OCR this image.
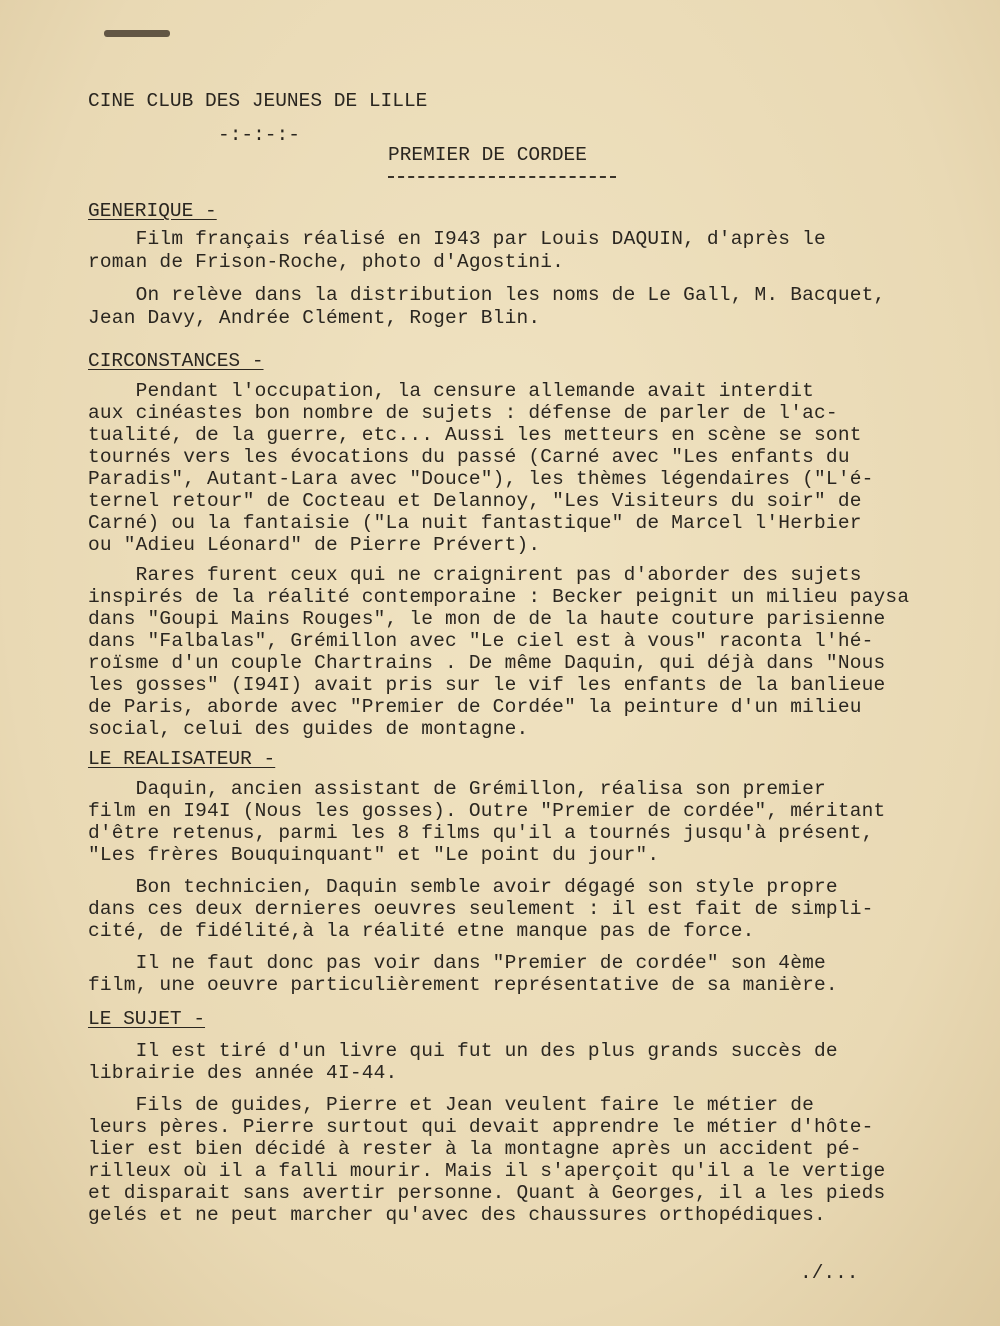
CINE CLUB DES JEUNES DE LILLE
-:-:-:-
PREMIER DE CORDEE
GENERIQUE -
Film français réalisé en I943 par Louis DAQUIN, d'après le
roman de Frison-Roche, photo d'Agostini.
On relève dans la distribution les noms de Le Gall, M. Bacquet,
Jean Davy, Andrée Clément, Roger Blin.
CIRCONSTANCES -
Pendant l'occupation, la censure allemande avait interdit
aux cinéastes bon nombre de sujets : défense de parler de l'ac-
tualité, de la guerre, etc... Aussi les metteurs en scène se sont
tournés vers les évocations du passé (Carné avec "Les enfants du
Paradis", Autant-Lara avec "Douce"), les thèmes légendaires ("L'é-
ternel retour" de Cocteau et Delannoy, "Les Visiteurs du soir" de
Carné) ou la fantaisie ("La nuit fantastique" de Marcel l'Herbier
ou "Adieu Léonard" de Pierre Prévert).
Rares furent ceux qui ne craignirent pas d'aborder des sujets
inspirés de la réalité contemporaine : Becker peignit un milieu paysa
dans "Goupi Mains Rouges", le mon de de la haute couture parisienne
dans "Falbalas", Grémillon avec "Le ciel est à vous" raconta l'hé-
roïsme d'un couple Chartrains . De même Daquin, qui déjà dans "Nous
les gosses" (I94I) avait pris sur le vif les enfants de la banlieue
de Paris, aborde avec "Premier de Cordée" la peinture d'un milieu
social, celui des guides de montagne.
LE REALISATEUR -
Daquin, ancien assistant de Grémillon, réalisa son premier
film en I94I (Nous les gosses). Outre "Premier de cordée", méritant
d'être retenus, parmi les 8 films qu'il a tournés jusqu'à présent,
"Les frères Bouquinquant" et "Le point du jour".
Bon technicien, Daquin semble avoir dégagé son style propre
dans ces deux dernieres oeuvres seulement : il est fait de simpli-
cité, de fidélité,à la réalité etne manque pas de force.
Il ne faut donc pas voir dans "Premier de cordée" son 4ème
film, une oeuvre particulièrement représentative de sa manière.
LE SUJET -
Il est tiré d'un livre qui fut un des plus grands succès de
librairie des année 4I-44.
Fils de guides, Pierre et Jean veulent faire le métier de
leurs pères. Pierre surtout qui devait apprendre le métier d'hôte-
lier est bien décidé à rester à la montagne après un accident pé-
rilleux où il a falli mourir. Mais il s'aperçoit qu'il a le vertige
et disparait sans avertir personne. Quant à Georges, il a les pieds
gelés et ne peut marcher qu'avec des chaussures orthopédiques.
./...
